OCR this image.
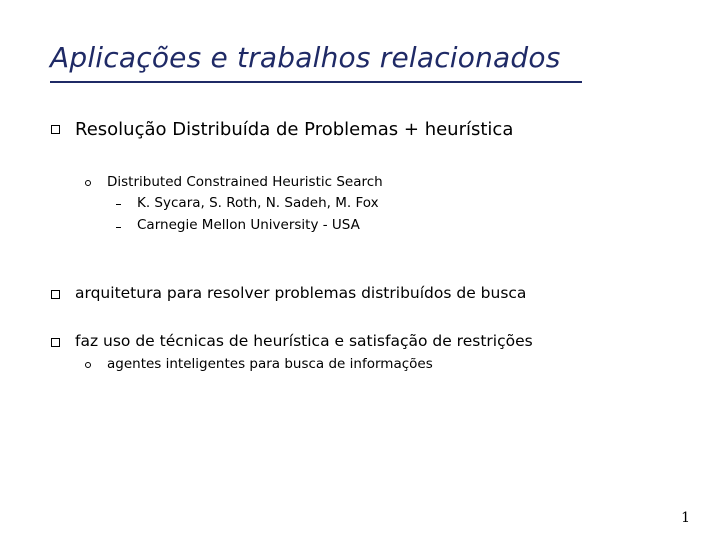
Aplicações e trabalhos relacionados
Resolução Distribuída de Problemas + heurística
Distributed Constrained Heuristic Search
K. Sycara, S. Roth, N. Sadeh, M. Fox
Carnegie Mellon University - USA
arquitetura para resolver problemas distribuídos de busca
faz uso de técnicas de heurística e satisfação de restrições
agentes inteligentes para busca de informações
1
